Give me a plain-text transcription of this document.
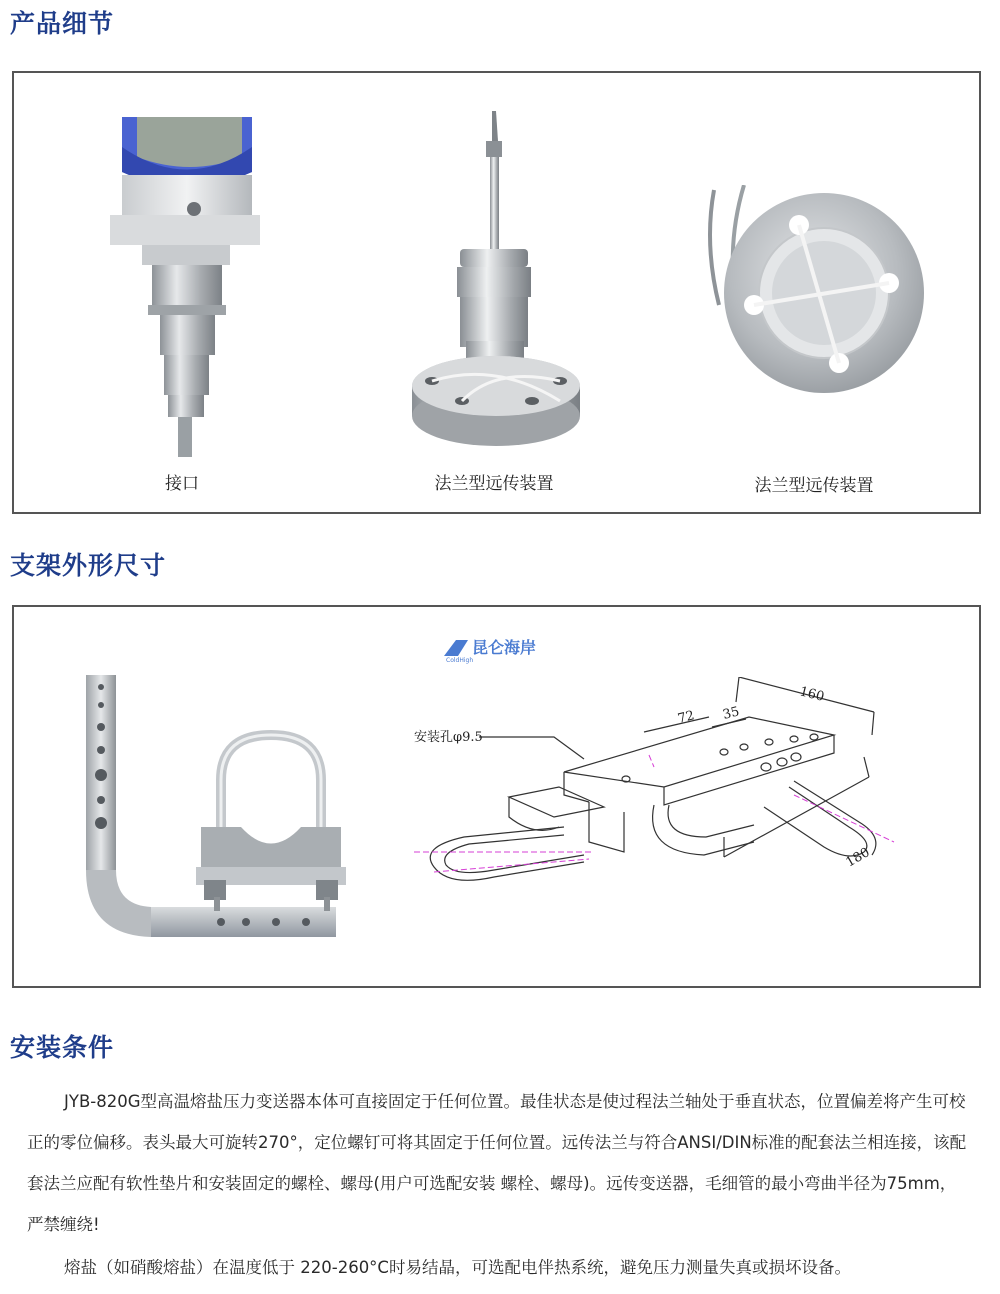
产品细节
接口	法兰型远传装置	法兰型远传装置
支架外形尺寸
昆仑海岸
ColdHigh
安装孔φ9.5
160
72 35
180
安装条件

JYB-820G型高温熔盐压力变送器本体可直接固定于任何位置。最佳状态是使过程法兰轴处于垂直状态，位置偏差将产生可校正的零位偏移。表头最大可旋转270°，定位螺钉可将其固定于任何位置。远传法兰与符合ANSI/DIN标准的配套法兰相连接，该配套法兰应配有软性垫片和安装固定的螺栓、螺母(用户可选配安装 螺栓、螺母)。远传变送器，毛细管的最小弯曲半径为75mm，严禁缠绕!

熔盐（如硝酸熔盐）在温度低于 220-260°C时易结晶，可选配电伴热系统，避免压力测量失真或损坏设备。
